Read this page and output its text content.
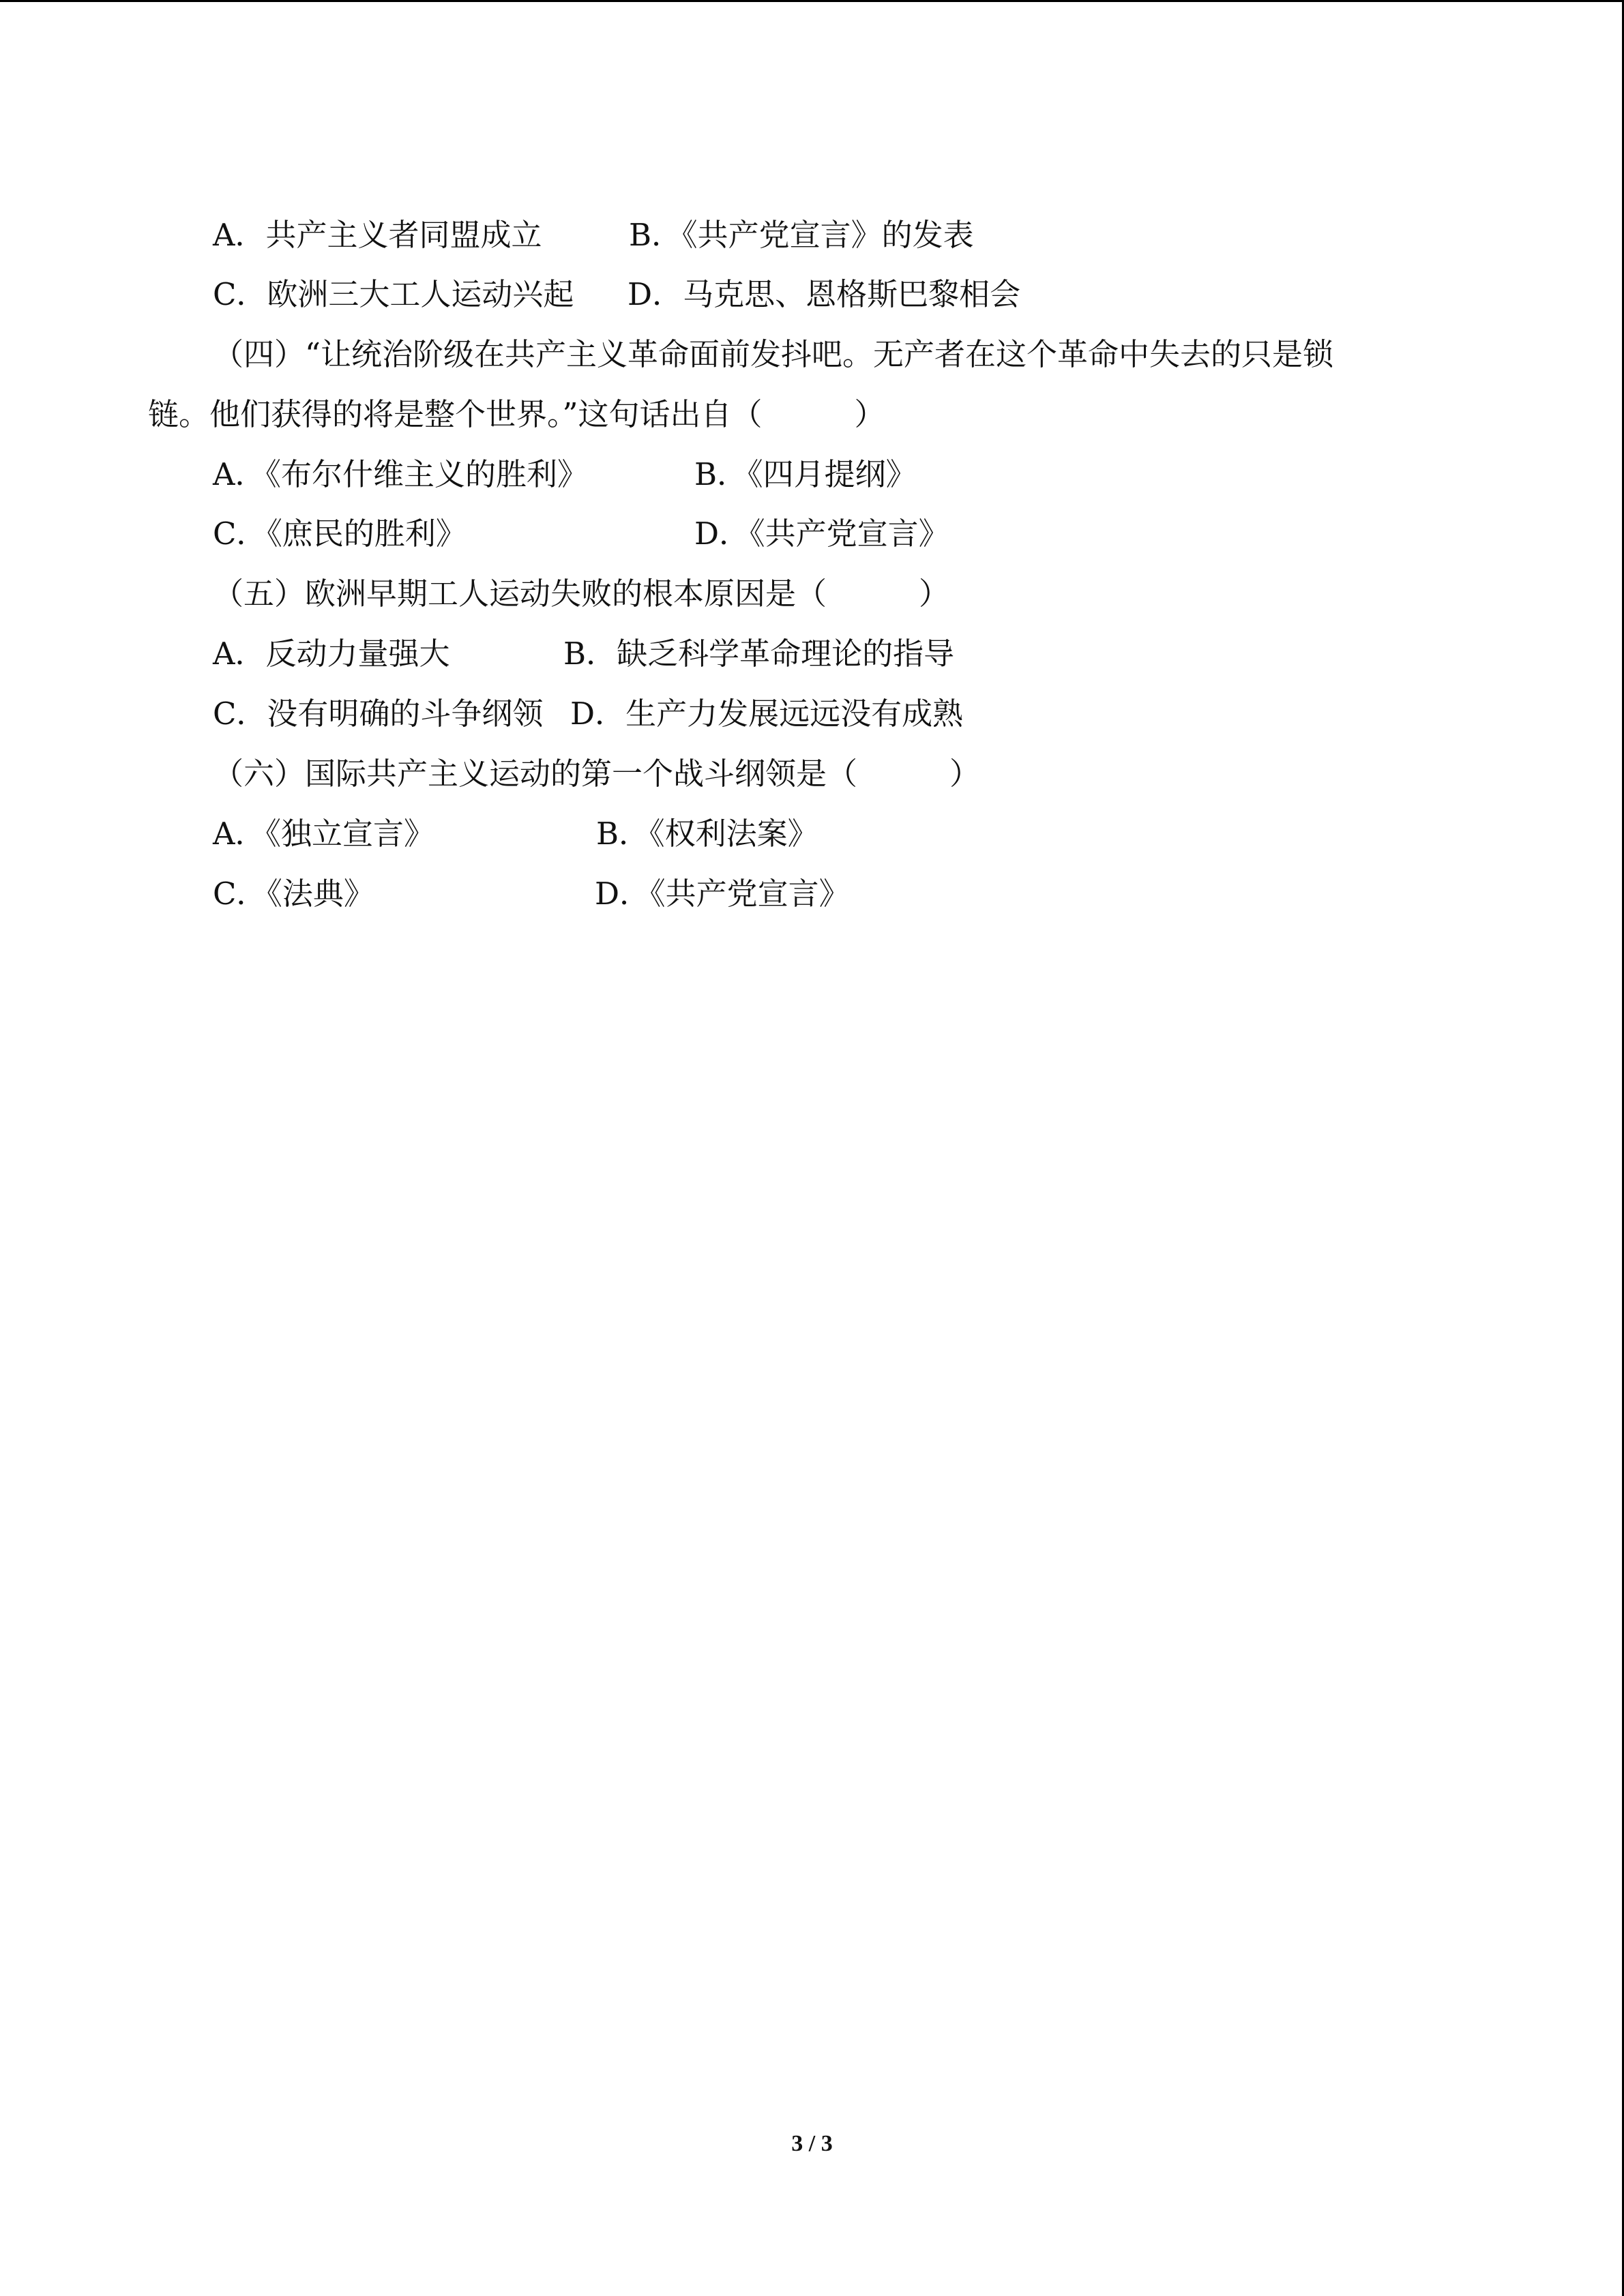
A．共产主义者同盟成立	B．《共产党宣言》的发表
C．欧洲三大工人运动兴起 D．马克思、恩格斯巴黎相会
（四）“让统治阶级在共产主义革命面前发抖吧。无产者在这个革命中失去的只是锁
链。他们获得的将是整个世界。”这句话出自（　　　）
A．《布尔什维主义的胜利》	B．《四月提纲》
C．《庶民的胜利》	D．《共产党宣言》
（五）欧洲早期工人运动失败的根本原因是（　　　）
A．反动力量强大	B．缺乏科学革命理论的指导
C．没有明确的斗争纲领 D．生产力发展远远没有成熟
（六）国际共产主义运动的第一个战斗纲领是（　　　）
A．《独立宣言》	B．《权利法案》
C．《法典》	D．《共产党宣言》
3 / 3
